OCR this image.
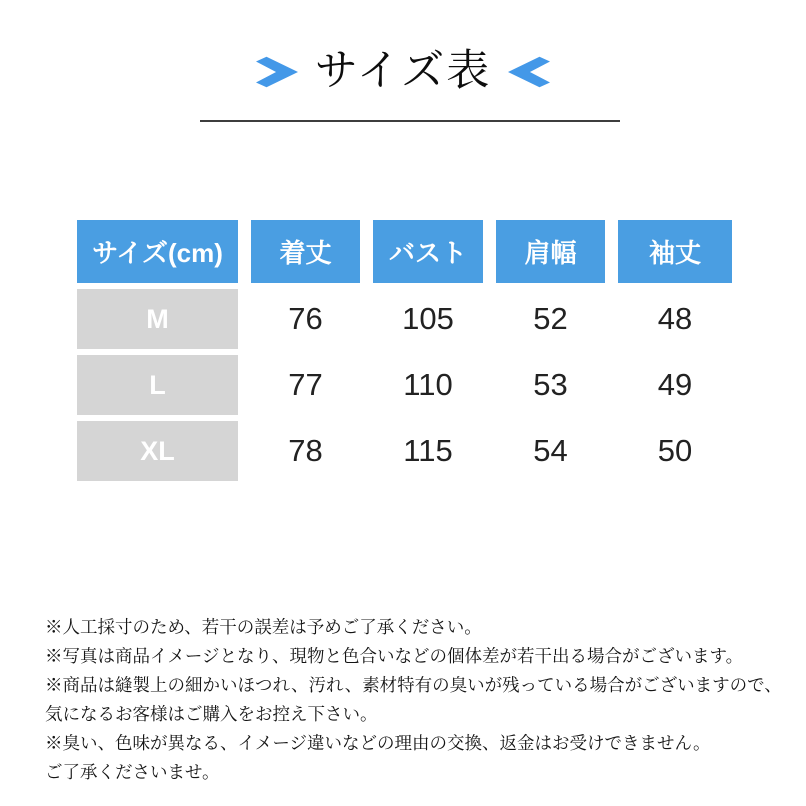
サイズ表
サイズ(cm)	着丈	バスト	肩幅	袖丈
M	76	105	52	48
L	77	110	53	49
XL	78	115	54	50
※人工採寸のため、若干の誤差は予めご了承ください。
※写真は商品イメージとなり、現物と色合いなどの個体差が若干出る場合がございます。
※商品は縫製上の細かいほつれ、汚れ、素材特有の臭いが残っている場合がございますので、
気になるお客様はご購入をお控え下さい。
※臭い、色味が異なる、イメージ違いなどの理由の交換、返金はお受けできません。
ご了承くださいませ。
